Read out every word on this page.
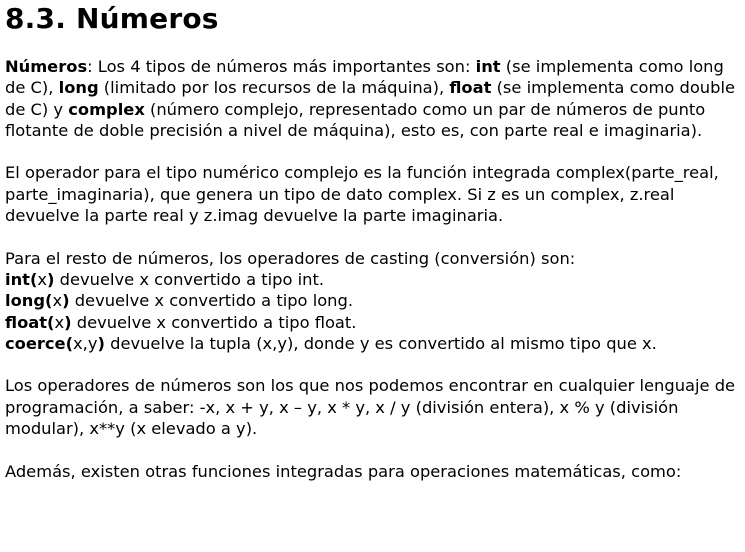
8.3. Números

Números: Los 4 tipos de números más importantes son: int (se implementa como long de C), long (limitado por los recursos de la máquina), float (se implementa como double de C) y complex (número complejo, representado como un par de números de punto flotante de doble precisión a nivel de máquina), esto es, con parte real e imaginaria).

El operador para el tipo numérico complejo es la función integrada complex(parte_real, parte_imaginaria), que genera un tipo de dato complex. Si z es un complex, z.real devuelve la parte real y z.imag devuelve la parte imaginaria.

Para el resto de números, los operadores de casting (conversión) son:
int(x) devuelve x convertido a tipo int.
long(x) devuelve x convertido a tipo long.
float(x) devuelve x convertido a tipo float.
coerce(x,y) devuelve la tupla (x,y), donde y es convertido al mismo tipo que x.

Los operadores de números son los que nos podemos encontrar en cualquier lenguaje de programación, a saber: -x, x + y, x – y, x * y, x / y (división entera), x % y (división modular), x**y (x elevado a y).

Además, existen otras funciones integradas para operaciones matemáticas, como:
